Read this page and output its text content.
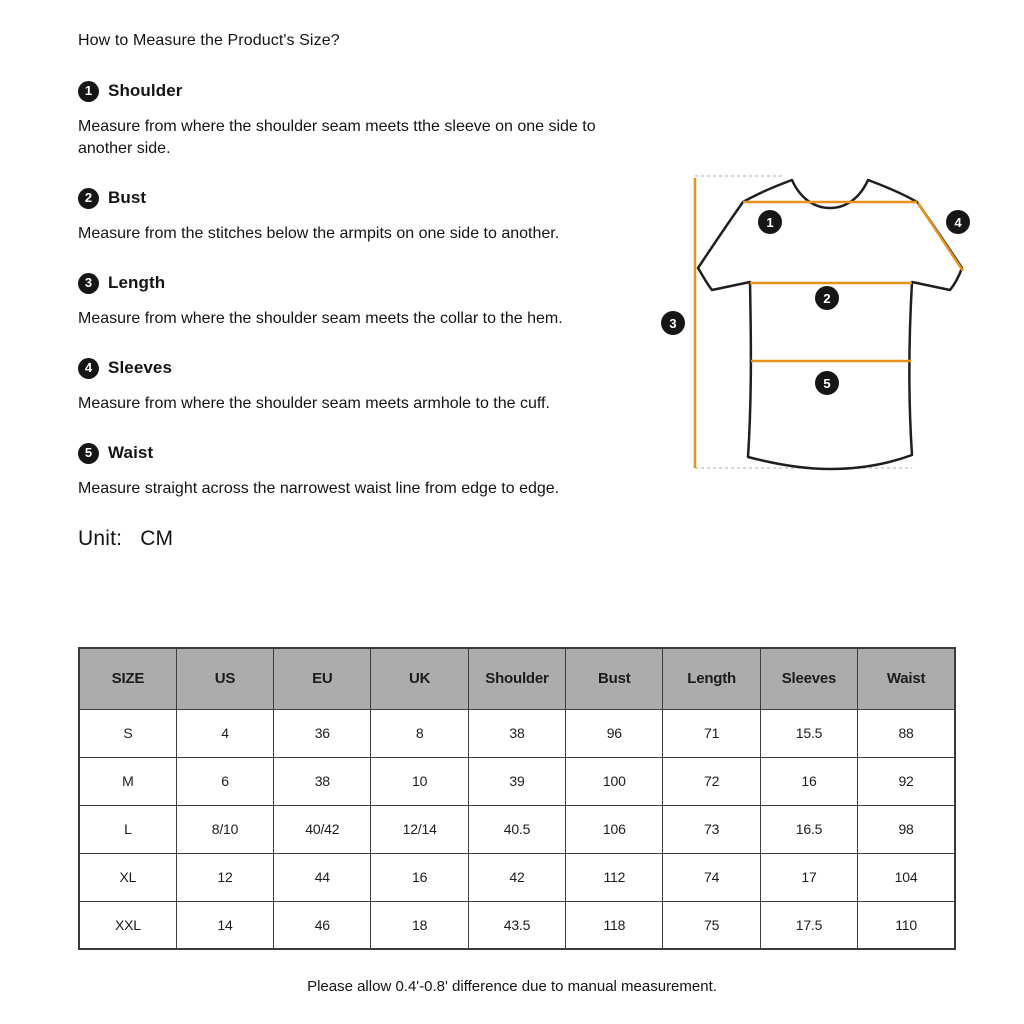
How to Measure the Product's Size?
1 Shoulder

Measure from where the shoulder seam meets tthe sleeve on one side to another side.

2 Bust

Measure from the stitches below the armpits on one side to another.

3 Length

Measure from where the shoulder seam meets the collar to the hem.

4 Sleeves

Measure from where the shoulder seam meets armhole to the cuff.

5 Waist

Measure straight across the narrowest waist line from edge to edge.

Unit: CM
1
2
3
4
5
SIZE	US	EU	UK	Shoulder	Bust	Length	Sleeves	Waist
S	4	36	8	38	96	71	15.5	88
M	6	38	10	39	100	72	16	92
L	8/10	40/42	12/14	40.5	106	73	16.5	98
XL	12	44	16	42	112	74	17	104
XXL	14	46	18	43.5	118	75	17.5	110
Please allow 0.4'-0.8' difference due to manual measurement.
